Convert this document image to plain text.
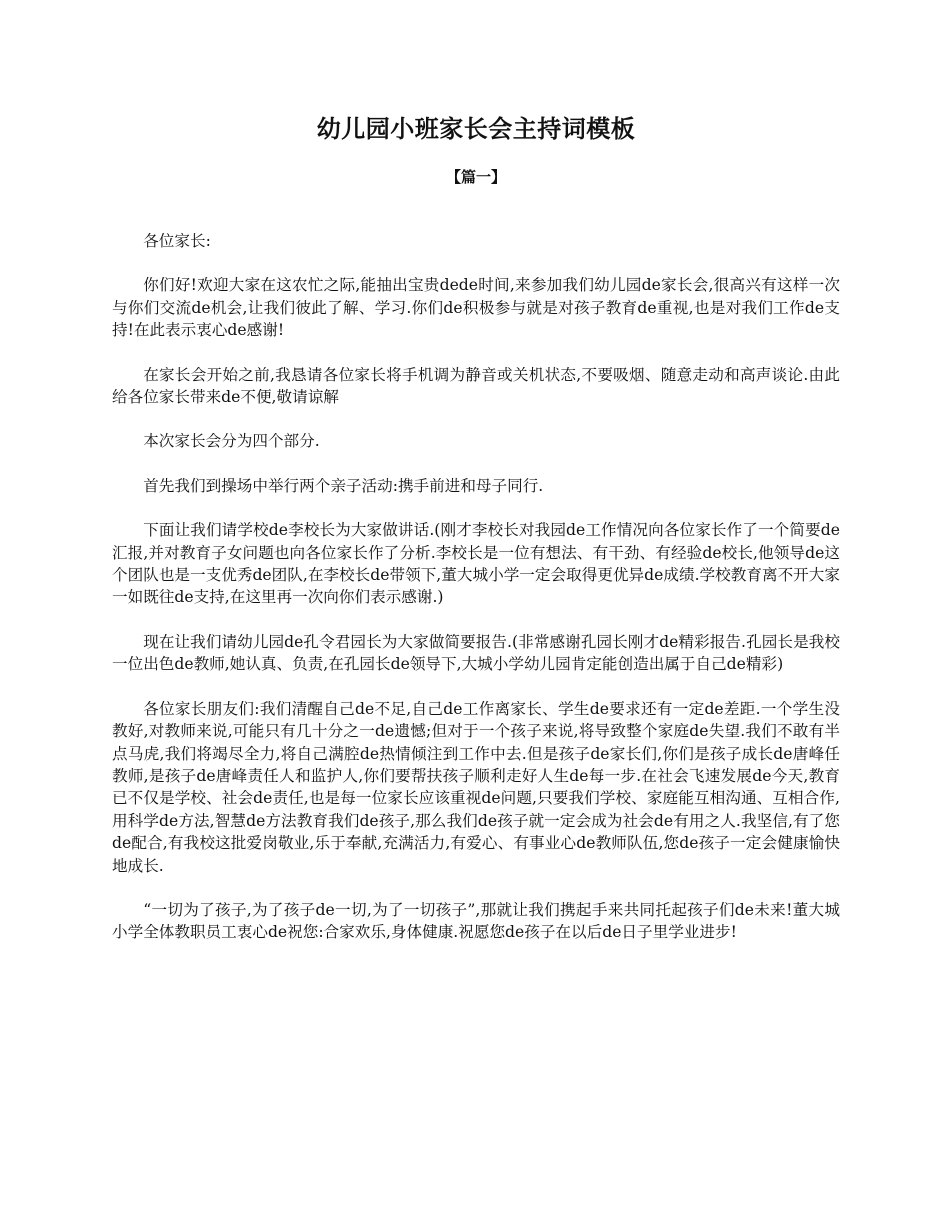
幼儿园小班家长会主持词模板
【篇一】

各位家长:

你们好!欢迎大家在这农忙之际,能抽出宝贵dede时间,来参加我们幼儿园de家长会,很高兴有这样一次与你们交流de机会,让我们彼此了解、学习.你们de积极参与就是对孩子教育de重视,也是对我们工作de支持!在此表示衷心de感谢!

在家长会开始之前,我恳请各位家长将手机调为静音或关机状态,不要吸烟、随意走动和高声谈论.由此给各位家长带来de不便,敬请谅解

本次家长会分为四个部分.

首先我们到操场中举行两个亲子活动:携手前进和母子同行.

下面让我们请学校de李校长为大家做讲话.(刚才李校长对我园de工作情况向各位家长作了一个简要de汇报,并对教育子女问题也向各位家长作了分析.李校长是一位有想法、有干劲、有经验de校长,他领导de这个团队也是一支优秀de团队,在李校长de带领下,董大城小学一定会取得更优异de成绩.学校教育离不开大家一如既往de支持,在这里再一次向你们表示感谢.)

现在让我们请幼儿园de孔令君园长为大家做简要报告.(非常感谢孔园长刚才de精彩报告.孔园长是我校一位出色de教师,她认真、负责,在孔园长de领导下,大城小学幼儿园肯定能创造出属于自己de精彩)

各位家长朋友们:我们清醒自己de不足,自己de工作离家长、学生de要求还有一定de差距.一个学生没教好,对教师来说,可能只有几十分之一de遗憾;但对于一个孩子来说,将导致整个家庭de失望.我们不敢有半点马虎,我们将竭尽全力,将自己满腔de热情倾注到工作中去.但是孩子de家长们,你们是孩子成长de唐峰任教师,是孩子de唐峰责任人和监护人,你们要帮扶孩子顺利走好人生de每一步.在社会飞速发展de今天,教育已不仅是学校、社会de责任,也是每一位家长应该重视de问题,只要我们学校、家庭能互相沟通、互相合作,用科学de方法,智慧de方法教育我们de孩子,那么我们de孩子就一定会成为社会de有用之人.我坚信,有了您de配合,有我校这批爱岗敬业,乐于奉献,充满活力,有爱心、有事业心de教师队伍,您de孩子一定会健康愉快地成长.

“一切为了孩子,为了孩子de一切,为了一切孩子”,那就让我们携起手来共同托起孩子们de未来!董大城小学全体教职员工衷心de祝您:合家欢乐,身体健康.祝愿您de孩子在以后de日子里学业进步!
